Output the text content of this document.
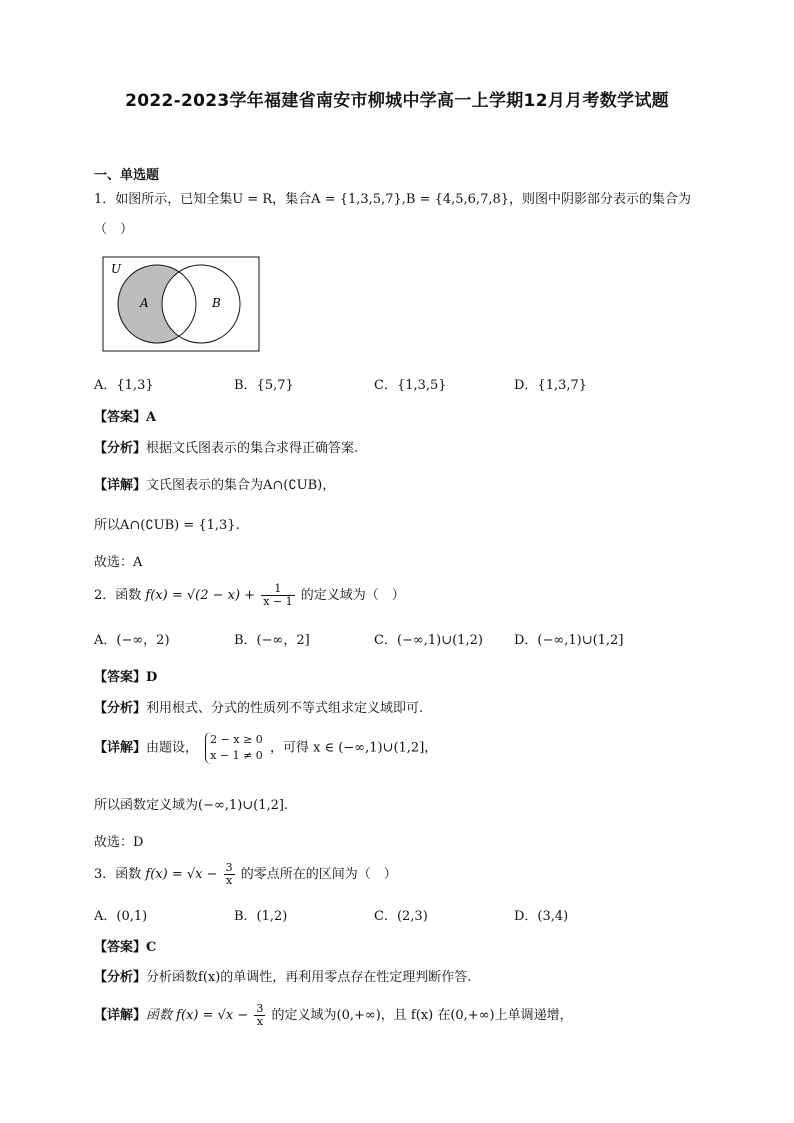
2022-2023学年福建省南安市柳城中学高一上学期12月月考数学试题
一、单选题
1．如图所示，已知全集U = R，集合A = {1,3,5,7},B = {4,5,6,7,8}，则图中阴影部分表示的集合为
（　）
U
A	B
A．{1,3}	B．{5,7}	C．{1,3,5}	D．{1,3,7}
【答案】A
【分析】根据文氏图表示的集合求得正确答案.
【详解】文氏图表示的集合为A∩(∁UB)，
所以A∩(∁UB) = {1,3}.
故选：A
2．函数 $f(x) = √(2 - x) + \frac{1}{x - 1}$ 的定义域为（　）
A．(−∞，2)	B．(−∞，2]	C．(−∞,1)∪(1,2) D．(−∞,1)∪(1,2]
【答案】D
【分析】利用根式、分式的性质列不等式组求定义域即可.
【详解】由题设，
2 − x ≥ 0
x − 1 ≠ 0 ，可得 x ∈ (−∞,1)∪(1,2]，
所以函数定义域为(−∞,1)∪(1,2].
故选：D
3．函数 $f(x) = √x - \frac{3}{x}$ 的零点所在的区间为（　）
A．(0,1)	B．(1,2)	C．(2,3)	D．(3,4)
【答案】C
【分析】分析函数f(x)的单调性，再利用零点存在性定理判断作答.
【详解】函数 $f(x) = √x - \frac{3}{x}$ 的定义域为(0,+∞)，且 f(x) 在(0,+∞)上单调递增，
